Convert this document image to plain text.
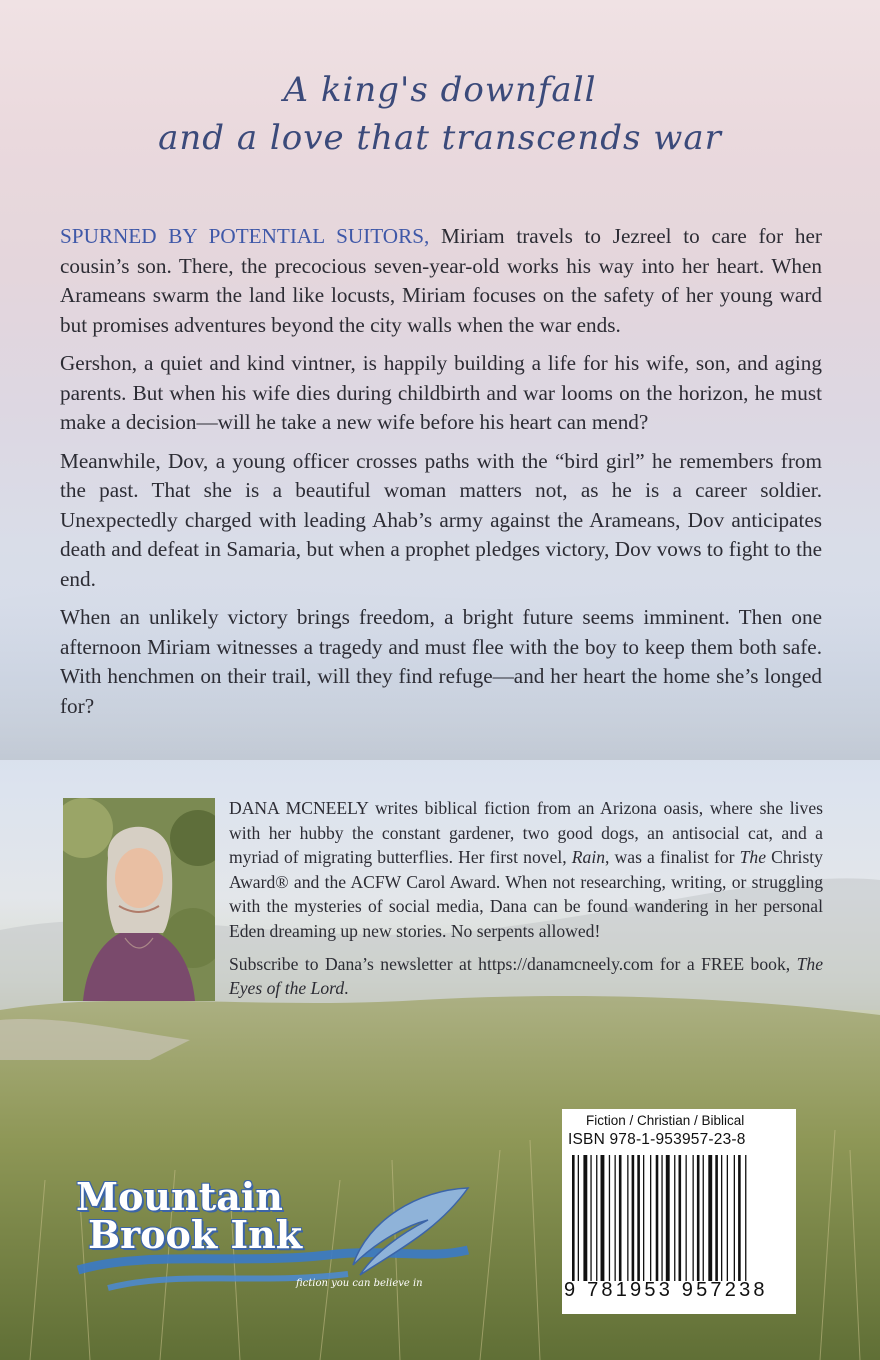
A king's downfall
and a love that transcends war

SPURNED BY POTENTIAL SUITORS, Miriam travels to Jezreel to care for her cousin’s son. There, the precocious seven-year-old works his way into her heart. When Arameans swarm the land like locusts, Miriam focuses on the safety of her young ward but promises adventures beyond the city walls when the war ends.

Gershon, a quiet and kind vintner, is happily building a life for his wife, son, and aging parents. But when his wife dies during childbirth and war looms on the horizon, he must make a decision—will he take a new wife before his heart can mend?

Meanwhile, Dov, a young officer crosses paths with the “bird girl” he remembers from the past. That she is a beautiful woman matters not, as he is a career soldier. Unexpectedly charged with leading Ahab’s army against the Arameans, Dov anticipates death and defeat in Samaria, but when a prophet pledges victory, Dov vows to fight to the end.

When an unlikely victory brings freedom, a bright future seems imminent. Then one afternoon Miriam witnesses a tragedy and must flee with the boy to keep them both safe. With henchmen on their trail, will they find refuge—and her heart the home she’s longed for?

DANA MCNEELY writes biblical fiction from an Arizona oasis, where she lives with her hubby the constant gardener, two good dogs, an antisocial cat, and a myriad of migrating butterflies. Her first novel, Rain, was a finalist for The Christy Award® and the ACFW Carol Award. When not researching, writing, or struggling with the mysteries of social media, Dana can be found wandering in her personal Eden dreaming up new stories. No serpents allowed!

Subscribe to Dana’s newsletter at https://danamcneely.com for a FREE book, The Eyes of the Lord.

Mountain
Brook Ink
fiction you can believe in
Fiction / Christian / Biblical
ISBN 978-1-953957-23-8
9 781953 957238
